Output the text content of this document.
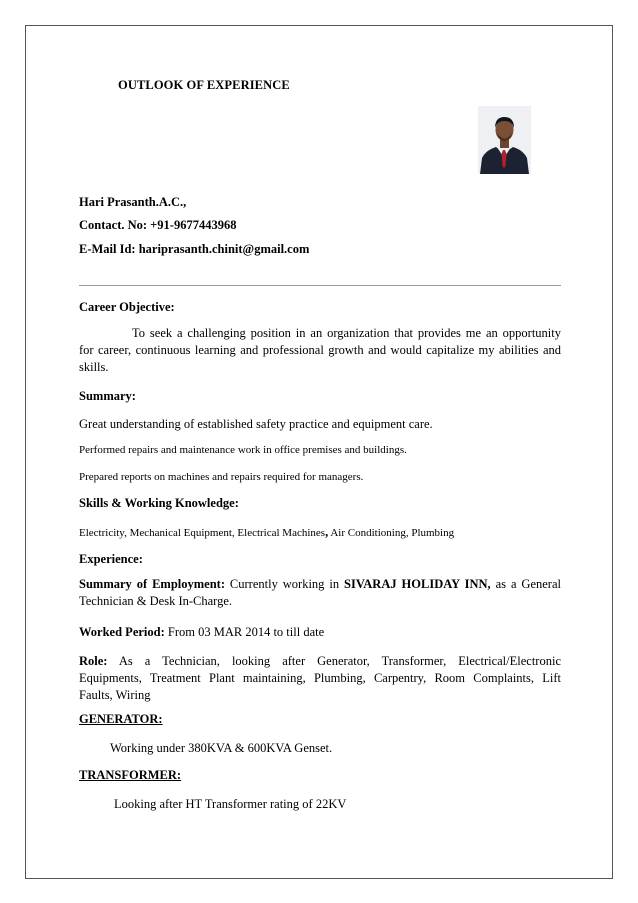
OUTLOOK OF EXPERIENCE
Hari Prasanth.A.C.,
Contact. No: +91-9677443968
E-Mail Id: hariprasanth.chinit@gmail.com
Career Objective:
To seek a challenging position in an organization that provides me an opportunity
for career, continuous learning and professional growth and would capitalize my abilities and
skills.
Summary:
Great understanding of established safety practice and equipment care.
Performed repairs and maintenance work in office premises and buildings.
Prepared reports on machines and repairs required for managers.
Skills & Working Knowledge:
Electricity, Mechanical Equipment, Electrical Machines, Air Conditioning, Plumbing
Experience:
Summary of Employment: Currently working in SIVARAJ HOLIDAY INN, as a General
Technician & Desk In-Charge.
Worked Period: From 03 MAR 2014 to till date
Role: As a Technician, looking after Generator, Transformer, Electrical/Electronic
Equipments, Treatment Plant maintaining, Plumbing, Carpentry, Room Complaints, Lift
Faults, Wiring
GENERATOR:
Working under 380KVA & 600KVA Genset.
TRANSFORMER:
Looking after HT Transformer rating of 22KV
